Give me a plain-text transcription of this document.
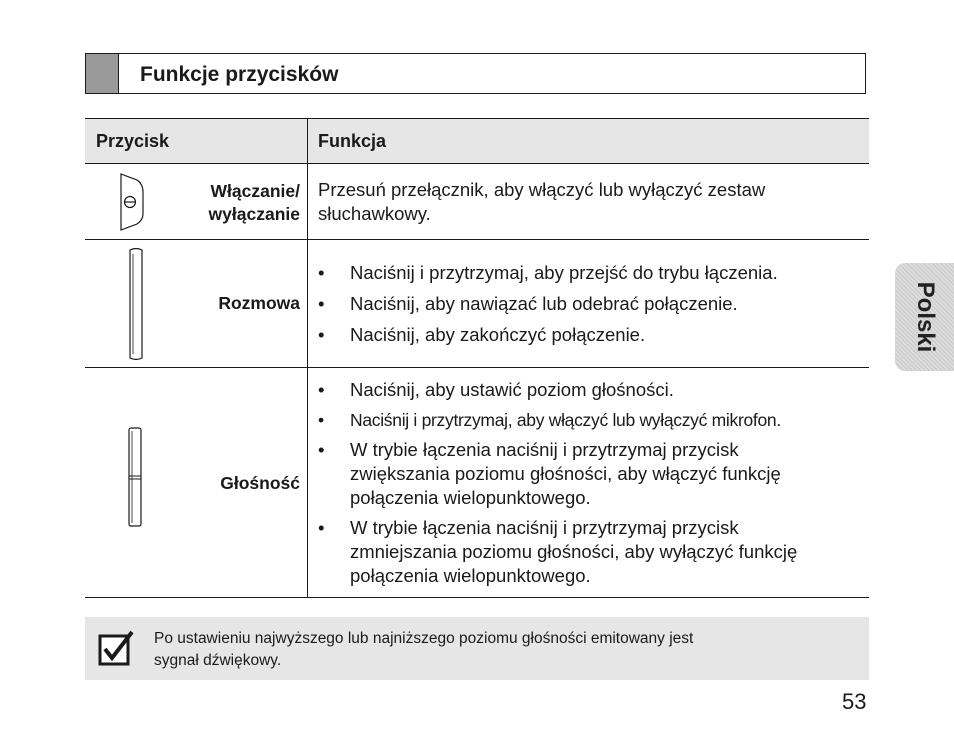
Funkcje przycisków
Przycisk	Funkcja
Włączanie/
wyłączanie
Przesuń przełącznik, aby włączyć lub wyłączyć zestaw
słuchawkowy.
Rozmowa
• Naciśnij i przytrzymaj, aby przejść do trybu łączenia.
• Naciśnij, aby nawiązać lub odebrać połączenie.
• Naciśnij, aby zakończyć połączenie.
Głośność
• Naciśnij, aby ustawić poziom głośności.
• Naciśnij i przytrzymaj, aby włączyć lub wyłączyć mikrofon.
• W trybie łączenia naciśnij i przytrzymaj przycisk
zwiększania poziomu głośności, aby włączyć funkcję
połączenia wielopunktowego.
• W trybie łączenia naciśnij i przytrzymaj przycisk
zmniejszania poziomu głośności, aby wyłączyć funkcję
połączenia wielopunktowego.
Po ustawieniu najwyższego lub najniższego poziomu głośności emitowany jest
sygnał dźwiękowy.
Polski
53
